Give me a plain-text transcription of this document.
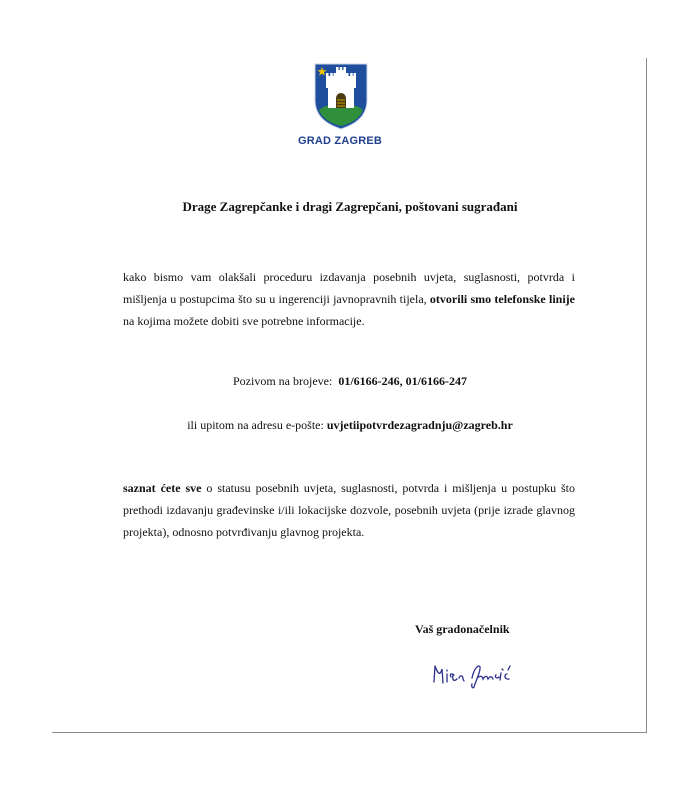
GRAD ZAGREB
Drage Zagrepčanke i dragi Zagrepčani, poštovani sugrađani
kako bismo vam olakšali proceduru izdavanja posebnih uvjeta, suglasnosti, potvrda i mišljenja u postupcima što su u ingerenciji javnopravnih tijela, otvorili smo telefonske linije na kojima možete dobiti sve potrebne informacije.
Pozivom na brojeve: 01/6166-246, 01/6166-247
ili upitom na adresu e-pošte: uvjetiipotvrdezagradnju@zagreb.hr
saznat ćete sve o statusu posebnih uvjeta, suglasnosti, potvrda i mišljenja u postupku što prethodi izdavanju građevinske i/ili lokacijske dozvole, posebnih uvjeta (prije izrade glavnog projekta), odnosno potvrđivanju glavnog projekta.
Vaš gradonačelnik
